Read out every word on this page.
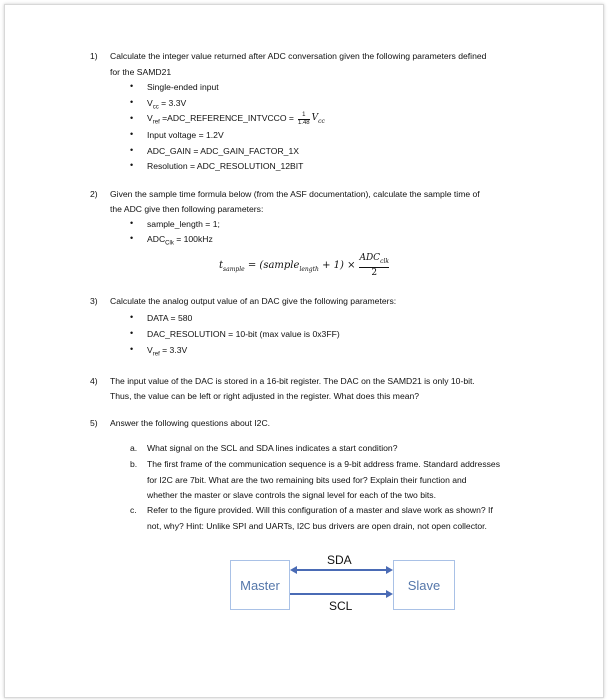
1) Calculate the integer value returned after ADC conversation given the following parameters defined
for the SAMD21
• Single-ended input
• $V_{cc} = 3.3V$
• $V_{ref}$ =ADC_REFERENCE_INTVCCO = $\frac{1}{1.48} V_{cc}$
• Input voltage = 1.2V
• ADC_GAIN = ADC_GAIN_FACTOR_1X
• Resolution = ADC_RESOLUTION_12BIT
2) Given the sample time formula below (from the ASF documentation), calculate the sample time of
the ADC give then following parameters:
• sample_length = 1;
• $ADC_{Clk} = 100kHz$
$t_{sample}$ = (sample$_{length}$ + 1) ×
$ADC_{clk}$
2
3) Calculate the analog output value of an DAC give the following parameters:
• DATA = 580
• DAC_RESOLUTION = 10-bit (max value is 0x3FF)
• $V_{ref} = 3.3V$
4) The input value of the DAC is stored in a 16-bit register. The DAC on the SAMD21 is only 10-bit.
Thus, the value can be left or right adjusted in the register. What does this mean?
5) Answer the following questions about I2C.
a. What signal on the SCL and SDA lines indicates a start condition?
b. The first frame of the communication sequence is a 9-bit address frame. Standard addresses
for I2C are 7bit. What are the two remaining bits used for? Explain their function and
whether the master or slave controls the signal level for each of the two bits.
c. Refer to the figure provided. Will this configuration of a master and slave work as shown? If
not, why? Hint: Unlike SPI and UARTs, I2C bus drivers are open drain, not open collector.
Master	Slave
SDA
SCL
